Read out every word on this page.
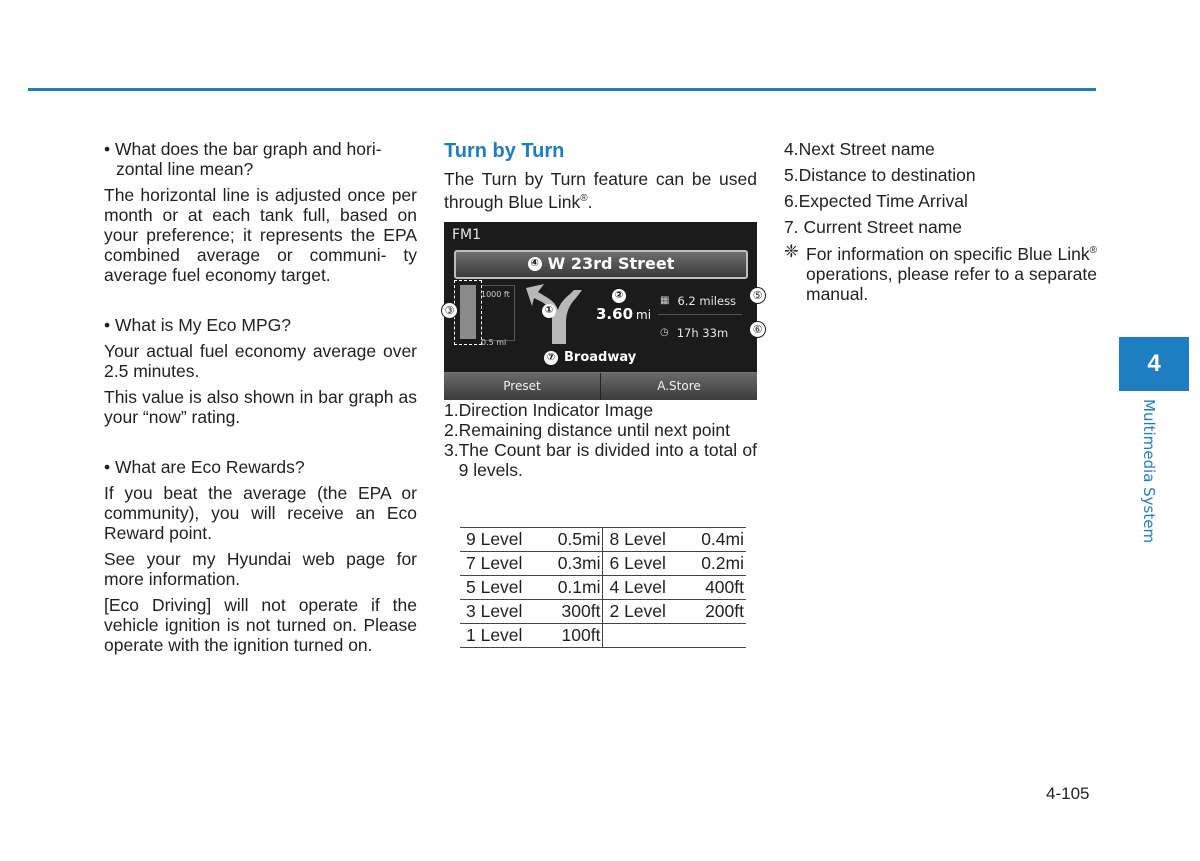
• What does the bar graph and hori- zontal line mean?

The horizontal line is adjusted once per month or at each tank full, based on your preference; it represents the EPA combined average or communi- ty average fuel economy target.

• What is My Eco MPG?

Your actual fuel economy average over 2.5 minutes.

This value is also shown in bar graph as your “now” rating.

• What are Eco Rewards?

If you beat the average (the EPA or community), you will receive an Eco Reward point.

See your my Hyundai web page for more information.

[Eco Driving] will not operate if the vehicle ignition is not turned on. Please operate with the ignition turned on.

Turn by Turn

The Turn by Turn feature can be used through Blue Link®.

FM1
④ W 23rd Street
1000 ft
0.5 mi
①
②
3.60 mi
▦ 6.2 miless
◷ 17h 33m
⑦ Broadway
Preset	A.Store

1. Direction Indicator Image

2. Remaining distance until next point

3. The Count bar is divided into a total of 9 levels.

③
⑤
⑥
9 Level	0.5mi	8 Level	0.4mi
7 Level	0.3mi	6 Level	0.2mi
5 Level	0.1mi	4 Level	400ft
3 Level	300ft	2 Level	200ft
1 Level	100ft		

4.Next Street name

5.Distance to destination

6.Expected Time Arrival

7. Current Street name

❈ For information on specific Blue Link® operations, please refer to a separate manual.

4
Multimedia System
4-105
